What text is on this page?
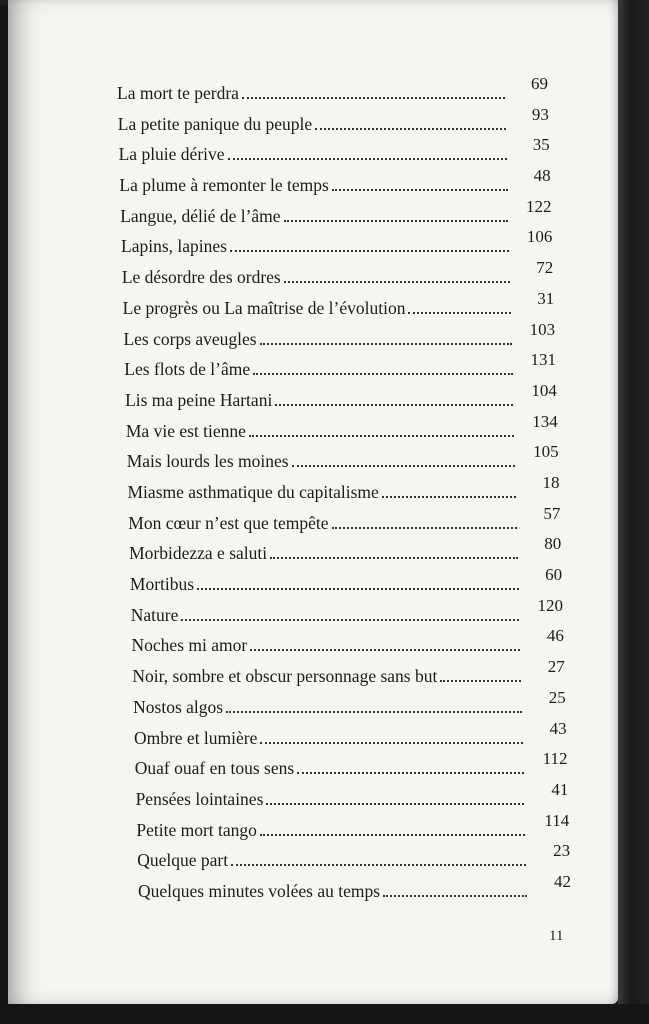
La mort te perdra	69
La petite panique du peuple	93
La pluie dérive	35
La plume à remonter le temps	48
Langue, délié de l’âme	122
Lapins, lapines	106
Le désordre des ordres	72
Le progrès ou La maîtrise de l’évolution	31
Les corps aveugles	103
Les flots de l’âme	131
Lis ma peine Hartani	104
Ma vie est tienne	134
Mais lourds les moines	105
Miasme asthmatique du capitalisme	18
Mon cœur n’est que tempête	57
Morbidezza e saluti	80
Mortibus	60
Nature	120
Noches mi amor	46
Noir, sombre et obscur personnage sans but	27
Nostos algos	25
Ombre et lumière	43
Ouaf ouaf en tous sens	112
Pensées lointaines	41
Petite mort tango	114
Quelque part	23
Quelques minutes volées au temps	42
11
